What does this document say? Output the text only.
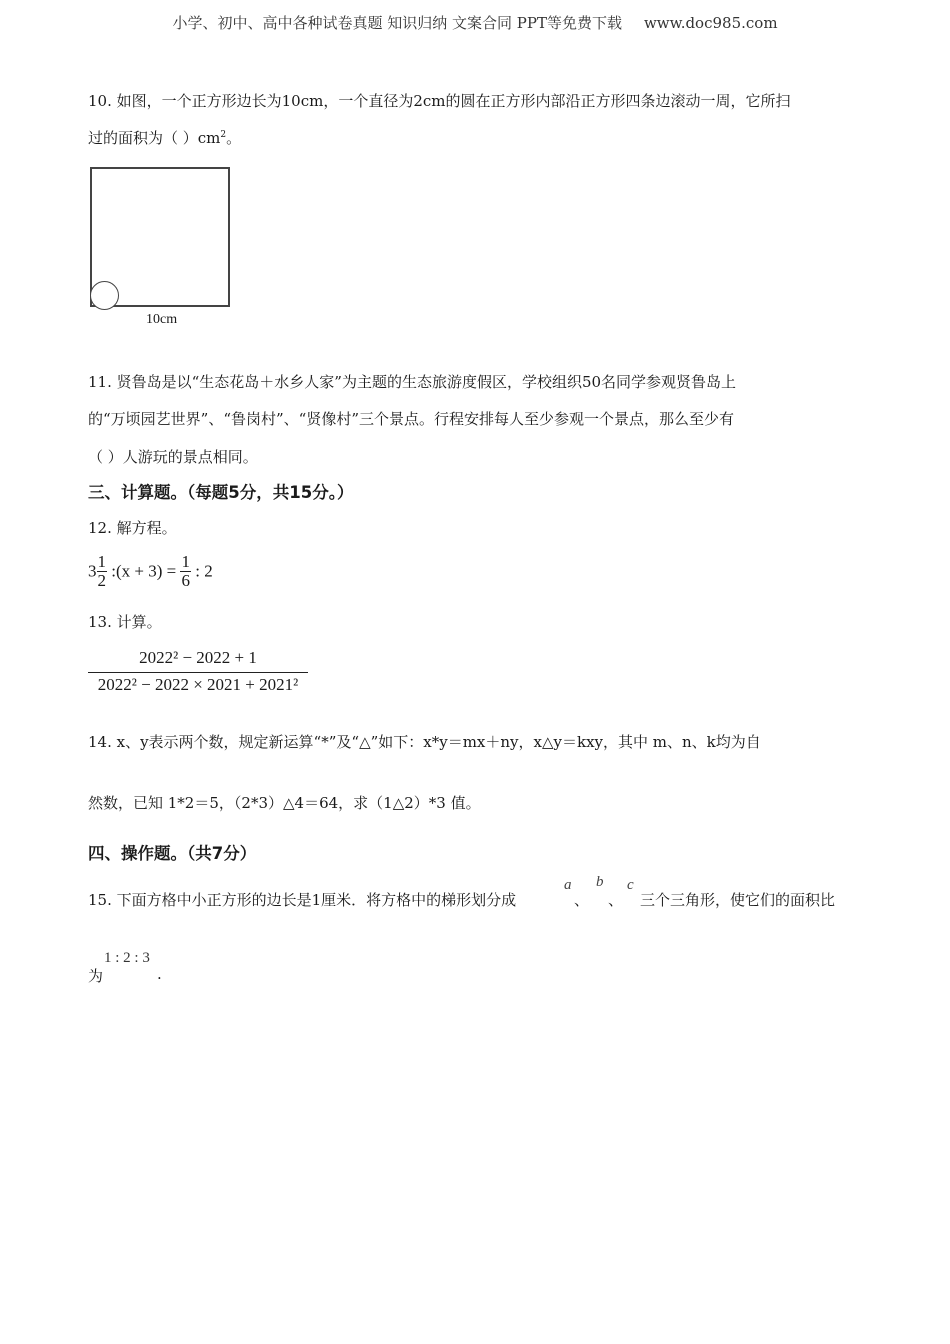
小学、初中、高中各种试卷真题 知识归纳 文案合同 PPT等免费下载 www.doc985.com
10. 如图，一个正方形边长为10cm，一个直径为2cm的圆在正方形内部沿正方形四条边滚动一周，它所扫
过的面积为（ ）$cm^2$。
10cm
11. 贤鲁岛是以“生态花岛＋水乡人家”为主题的生态旅游度假区，学校组织50名同学参观贤鲁岛上
的“万顷园艺世界”、“鲁岗村”、“贤像村”三个景点。行程安排每人至少参观一个景点，那么至少有
（ ）人游玩的景点相同。
三、计算题。（每题5分，共15分。）
12. 解方程。
$3 \frac{1}{2}$ :(x + $3) = \frac{1}{6}$ : 2
13. 计算。
2022² − 2022 + 1
2022² − 2022 × 2021 + 2021²
14. x、y表示两个数，规定新运算“*”及“△”如下：x*y＝mx＋ny，x△y＝kxy，其中 m、n、k均为自
然数，已知 1*2＝5，（2*3）△4＝64，求（1△2）*3 值。
四、操作题。（共7分）
15. 下面方格中小正方形的边长是1厘米．将方格中的梯形划分成
a
、
b
、
c
三个三角形，使它们的面积比
为
1 : 2 : 3
.
